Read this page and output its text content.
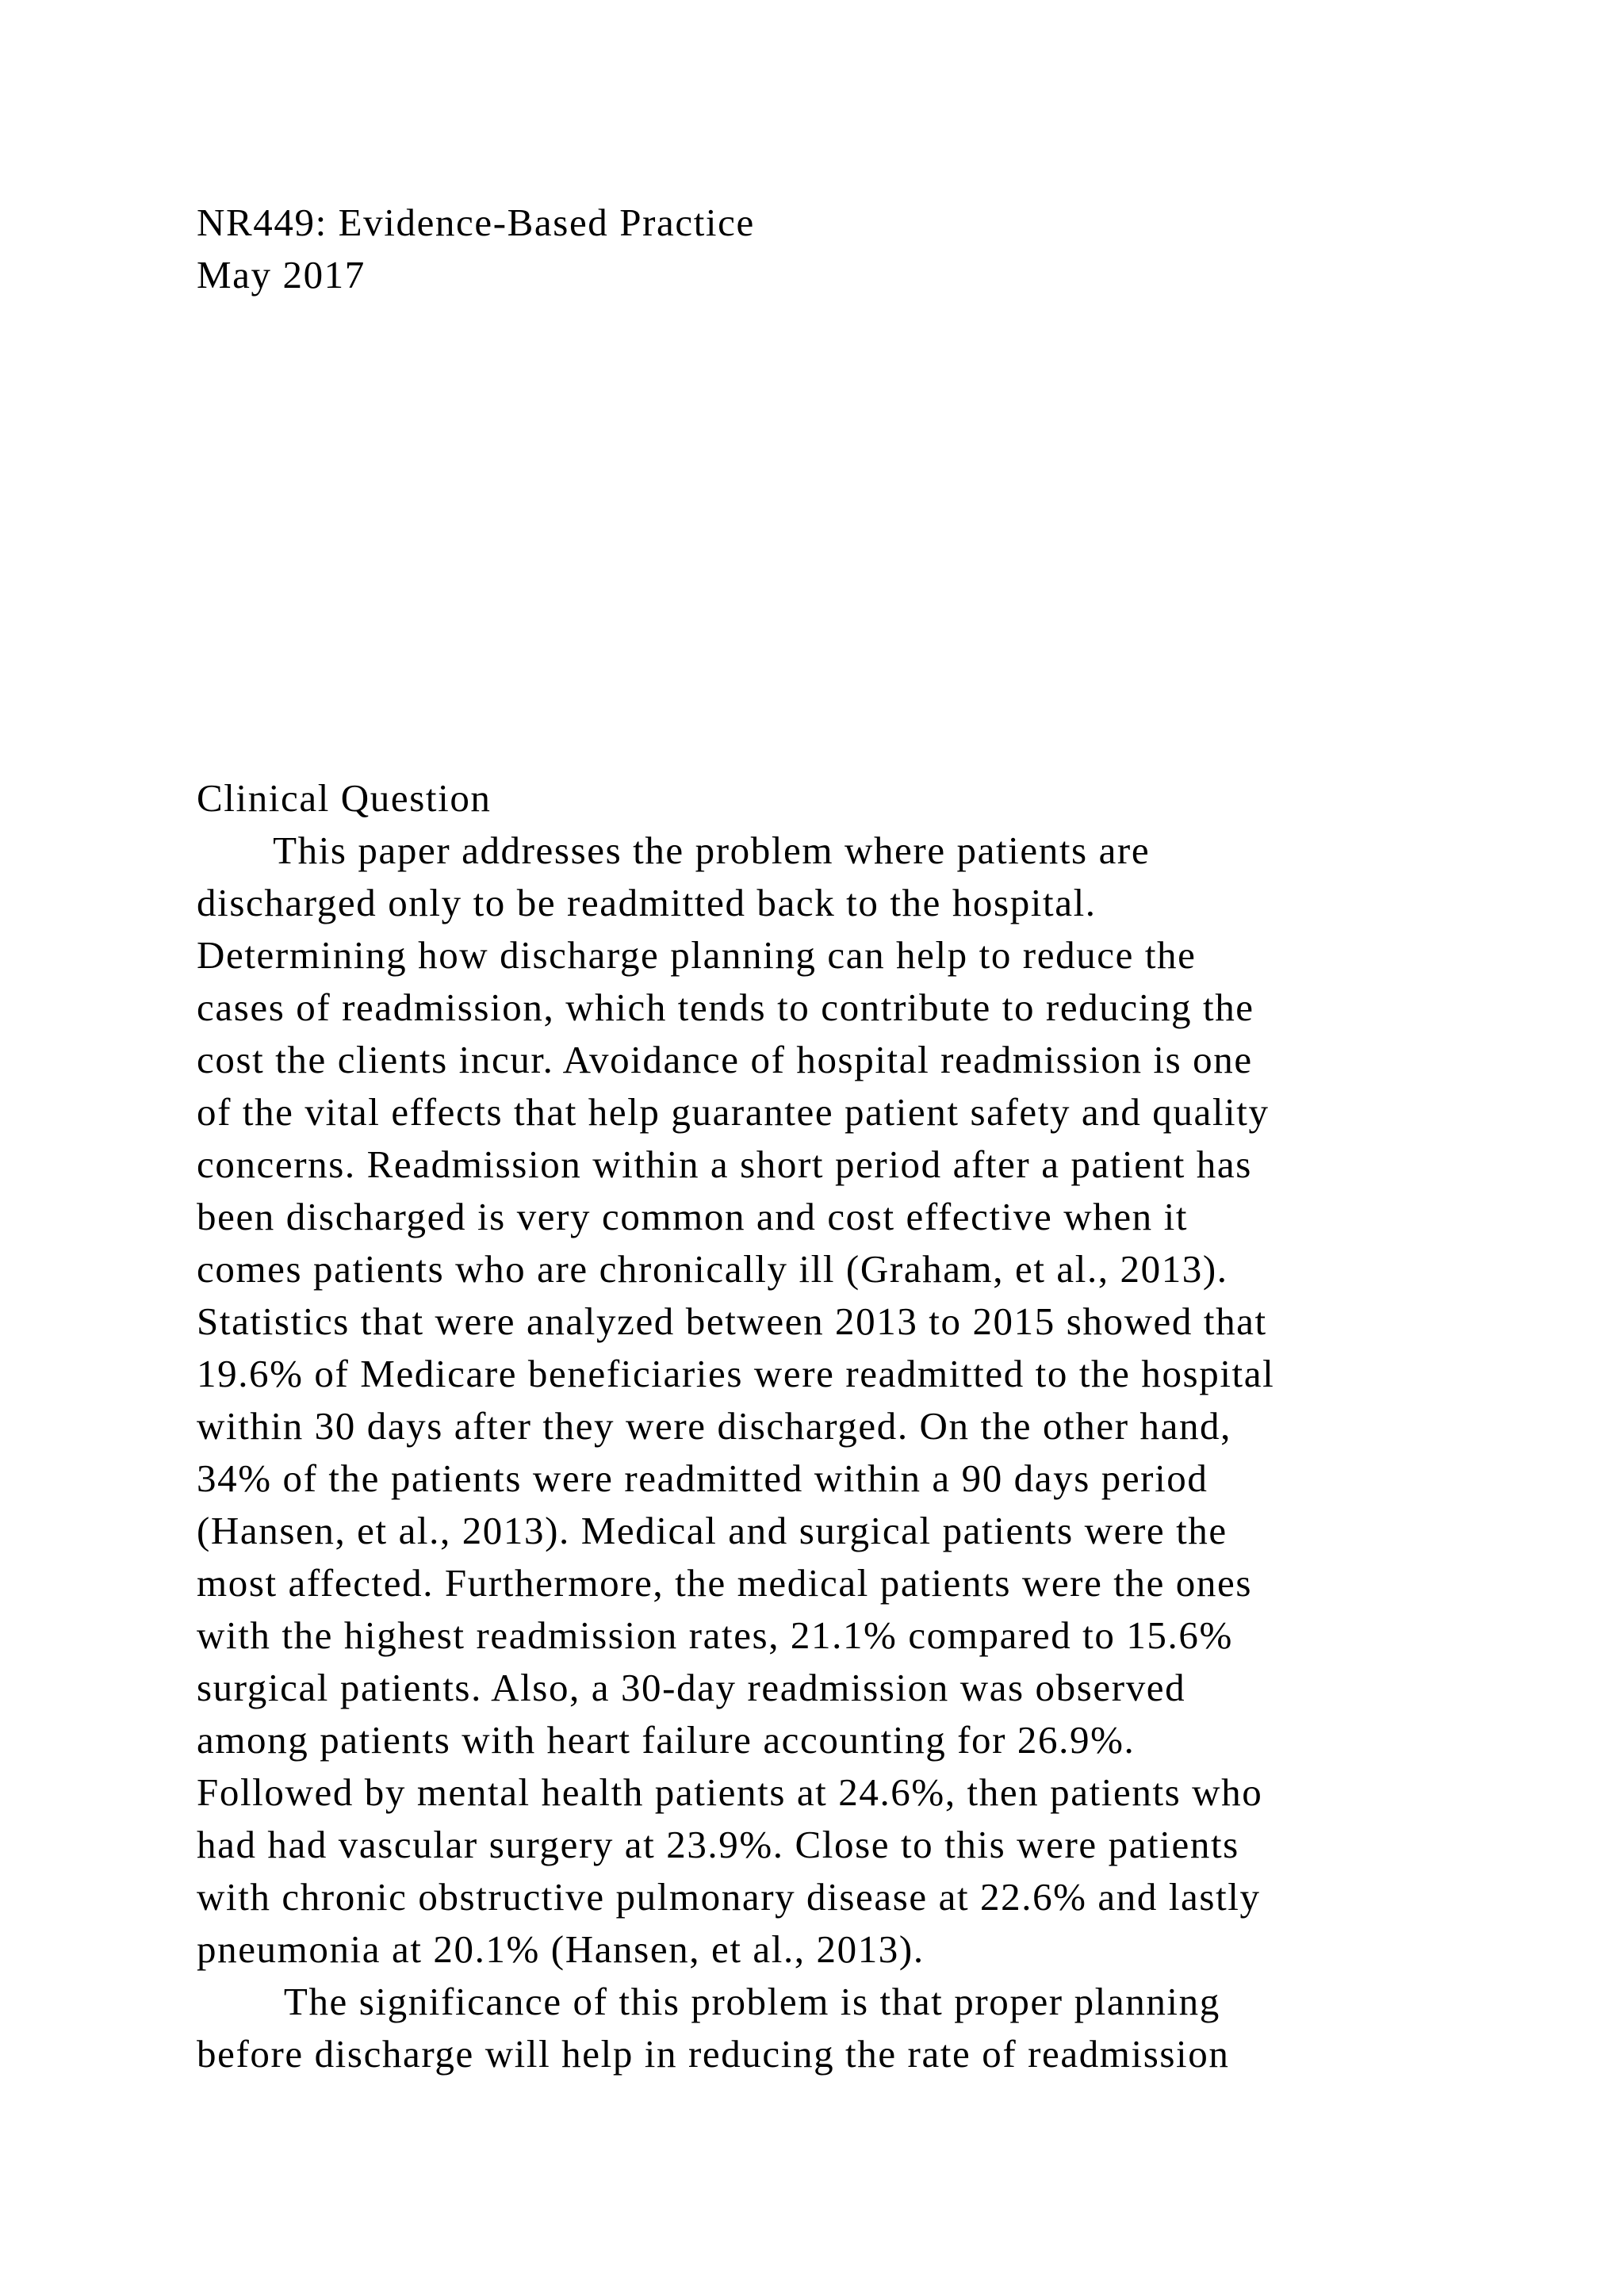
NR449: Evidence-Based Practice

May 2017

Clinical Question

This paper addresses the problem where patients are

discharged only to be readmitted back to the hospital.

Determining how discharge planning can help to reduce the

cases of readmission, which tends to contribute to reducing the

cost the clients incur. Avoidance of hospital readmission is one

of the vital effects that help guarantee patient safety and quality

concerns. Readmission within a short period after a patient has

been discharged is very common and cost effective when it

comes patients who are chronically ill (Graham, et al., 2013).

Statistics that were analyzed between 2013 to 2015 showed that

19.6% of Medicare beneficiaries were readmitted to the hospital

within 30 days after they were discharged. On the other hand,

34% of the patients were readmitted within a 90 days period

(Hansen, et al., 2013). Medical and surgical patients were the

most affected. Furthermore, the medical patients were the ones

with the highest readmission rates, 21.1% compared to 15.6%

surgical patients. Also, a 30-day readmission was observed

among patients with heart failure accounting for 26.9%.

Followed by mental health patients at 24.6%, then patients who

had had vascular surgery at 23.9%. Close to this were patients

with chronic obstructive pulmonary disease at 22.6% and lastly

pneumonia at 20.1% (Hansen, et al., 2013).

The significance of this problem is that proper planning

before discharge will help in reducing the rate of readmission
